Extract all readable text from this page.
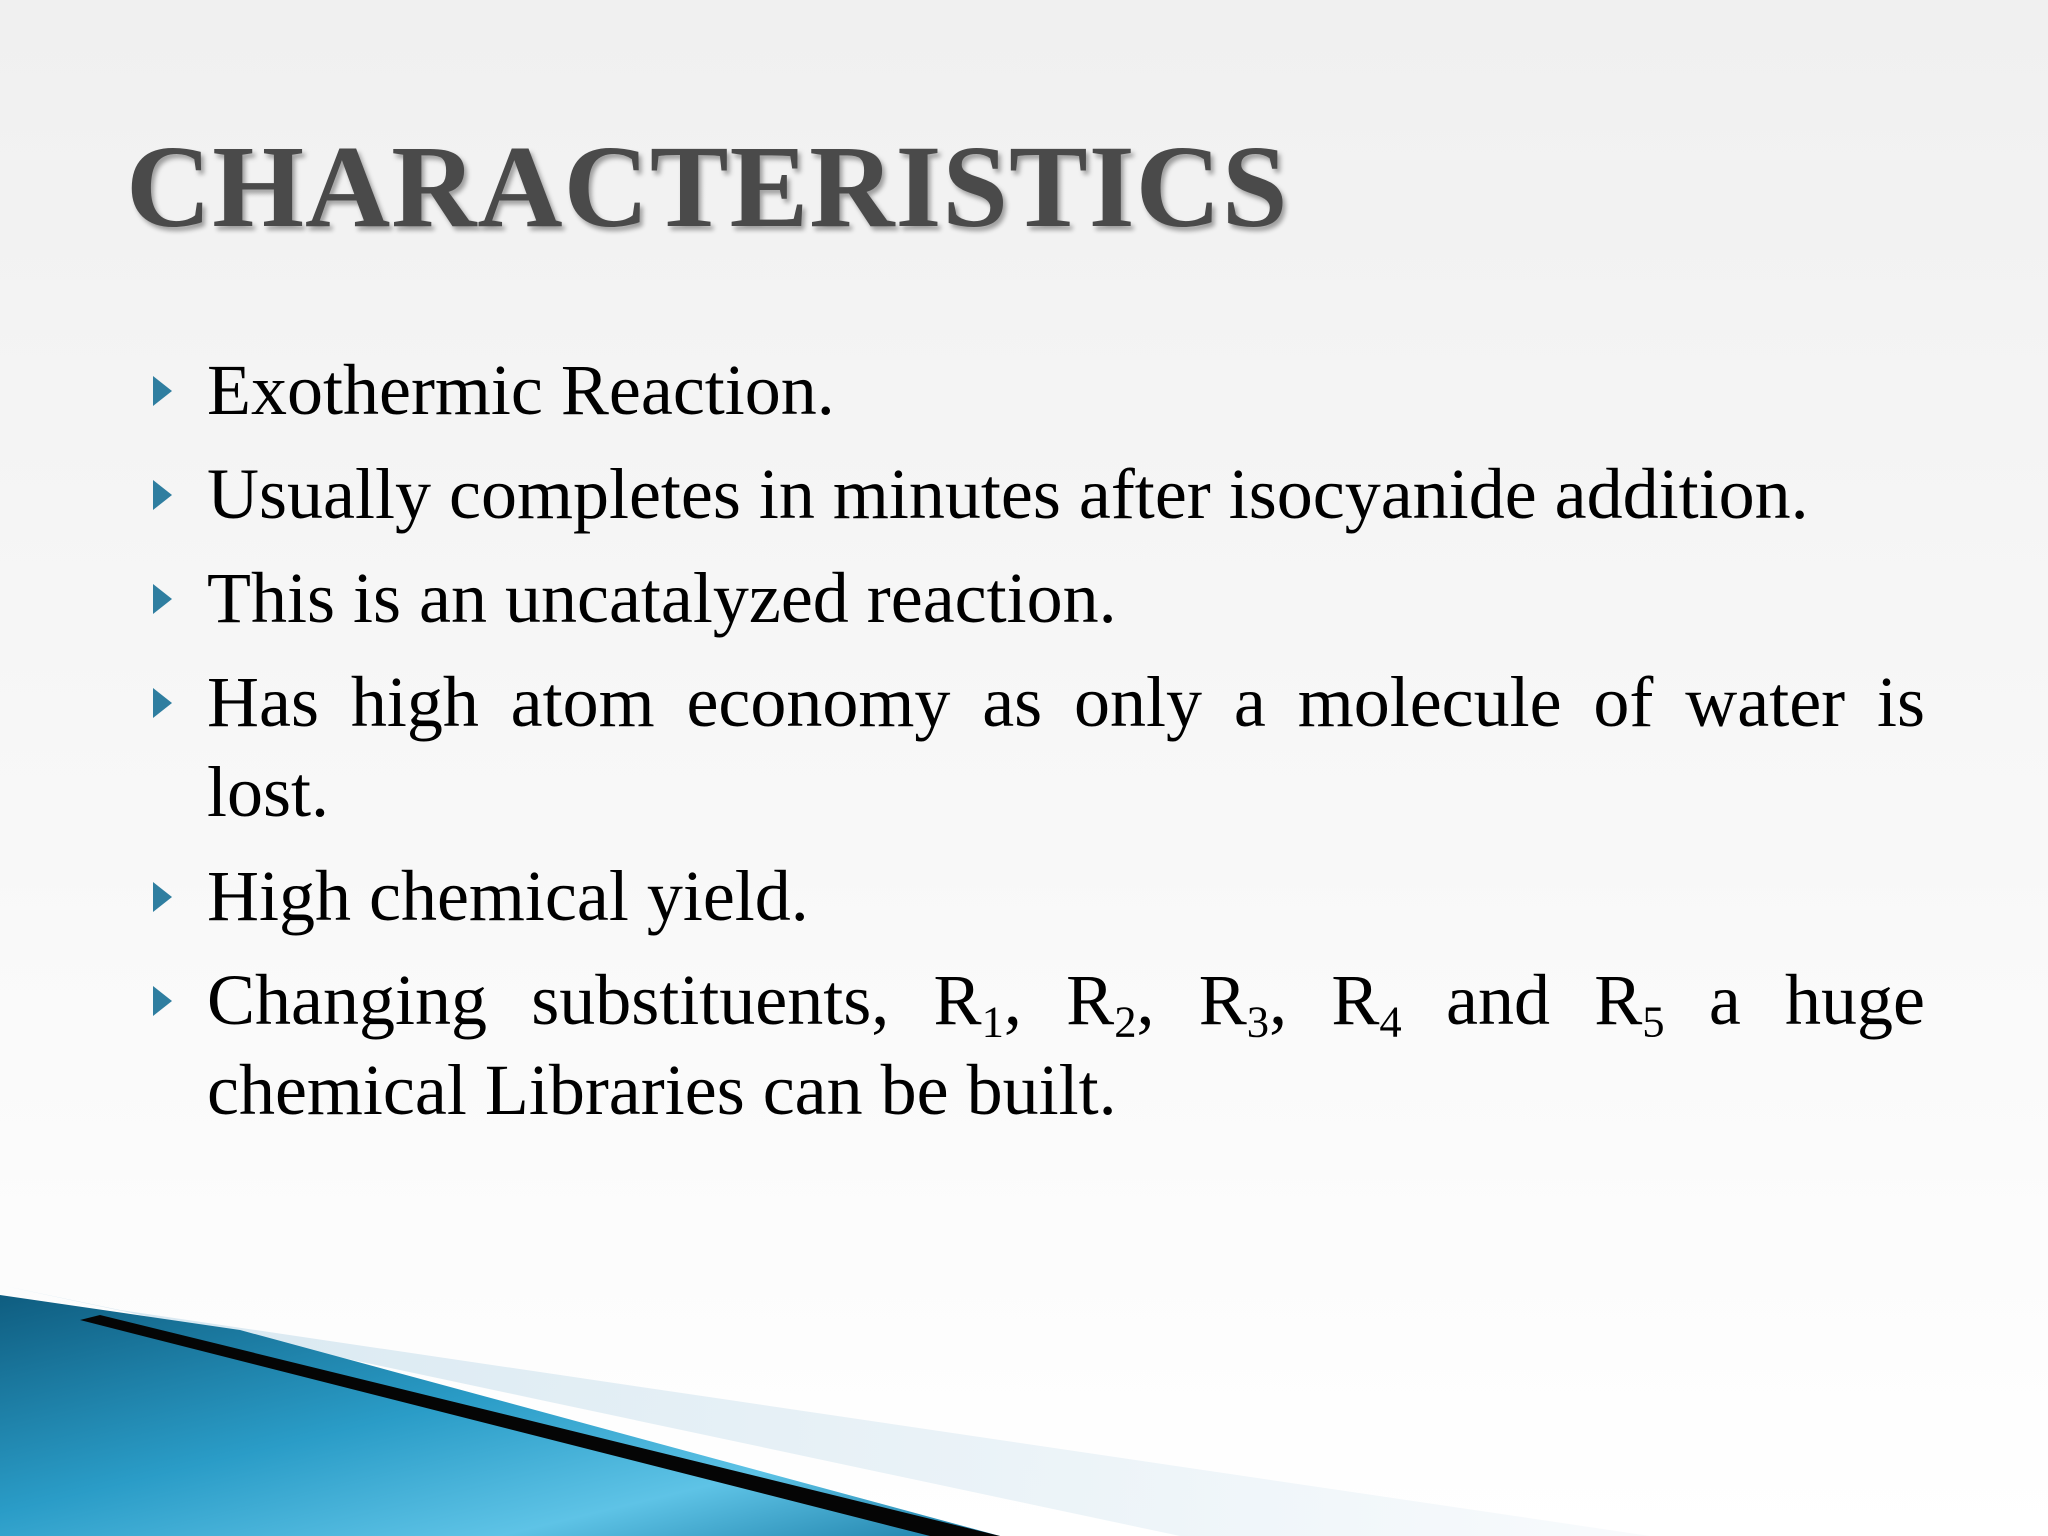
CHARACTERISTICS
Exothermic Reaction.
Usually completes in minutes after isocyanide addition.
This is an uncatalyzed reaction.
Has high atom economy as only a molecule of water is lost.
High chemical yield.
Changing substituents, $R_1$, $R_2$, $R_3$, $R_4$ and $R_5$ a huge chemical Libraries can be built.
